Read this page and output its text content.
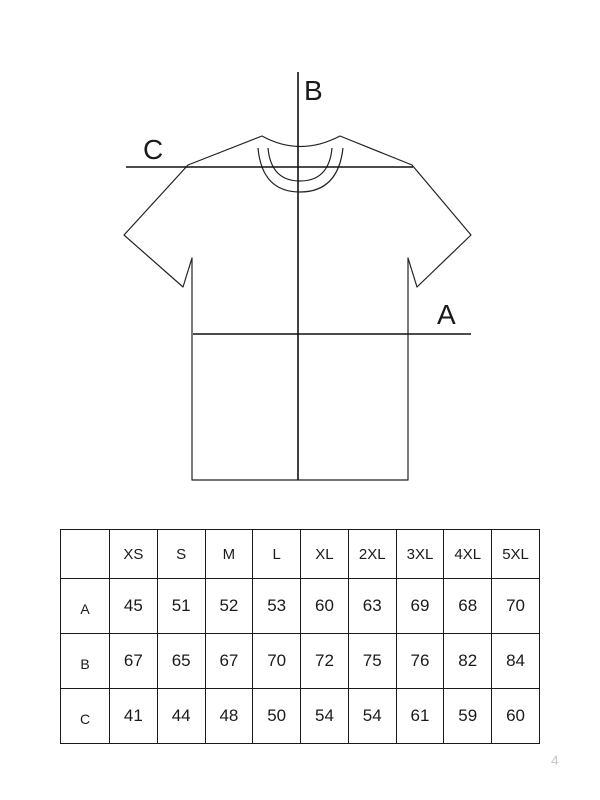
B
C
A
	XS	S	M	L	XL	2XL	3XL	4XL	5XL
A	45	51	52	53	60	63	69	68	70
B	67	65	67	70	72	75	76	82	84
C	41	44	48	50	54	54	61	59	60
4
